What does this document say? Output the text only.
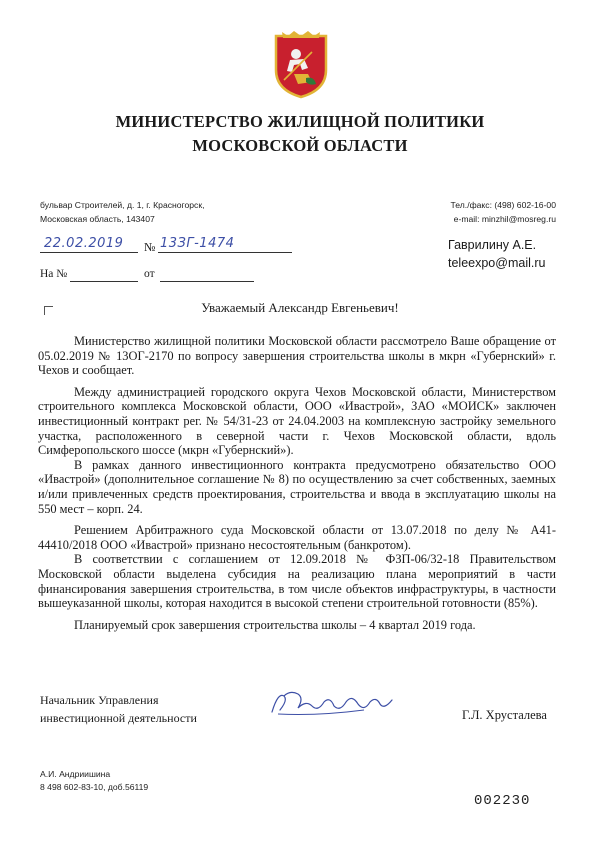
МИНИСТЕРСТВО ЖИЛИЩНОЙ ПОЛИТИКИ
МОСКОВСКОЙ ОБЛАСТИ
бульвар Строителей, д. 1, г. Красногорск,
Московская область, 143407
Тел./факс: (498) 602-16-00
e-mail: minzhil@mosreg.ru
22.02.2019 № 13ЗГ-1474
На №	от
Гаврилину А.Е.
teleexpo@mail.ru
Уважаемый Александр Евгеньевич!

Министерство жилищной политики Московской области рассмотрело Ваше обращение от 05.02.2019 № 13ОГ-2170 по вопросу завершения строительства школы в мкрн «Губернский» г. Чехов и сообщает.

Между администрацией городского округа Чехов Московской области, Министерством строительного комплекса Московской области, ООО «Ивастрой», ЗАО «МОИСК» заключен инвестиционный контракт рег. № 54/31-23 от 24.04.2003 на комплексную застройку земельного участка, расположенного в северной части г. Чехов Московской области, вдоль Симферопольского шоссе (мкрн «Губернский»).

В рамках данного инвестиционного контракта предусмотрено обязательство ООО «Ивастрой» (дополнительное соглашение № 8) по осуществлению за счет собственных, заемных и/или привлеченных средств проектирования, строительства и ввода в эксплуатацию школы на 550 мест – корп. 24.

Решением Арбитражного суда Московской области от 13.07.2018 по делу № А41-44410/2018 ООО «Ивастрой» признано несостоятельным (банкротом).

В соответствии с соглашением от 12.09.2018 № ФЗП-06/32-18 Правительством Московской области выделена субсидия на реализацию плана мероприятий в части финансирования завершения строительства, в том числе объектов инфраструктуры, в частности вышеуказанной школы, которая находится в высокой степени строительной готовности (85%).

Планируемый срок завершения строительства школы – 4 квартал 2019 года.

Начальник Управления
инвестиционной деятельности	Г.Л. Хрусталева
А.И. Андриишина
8 498 602-83-10, доб.56119
002230
